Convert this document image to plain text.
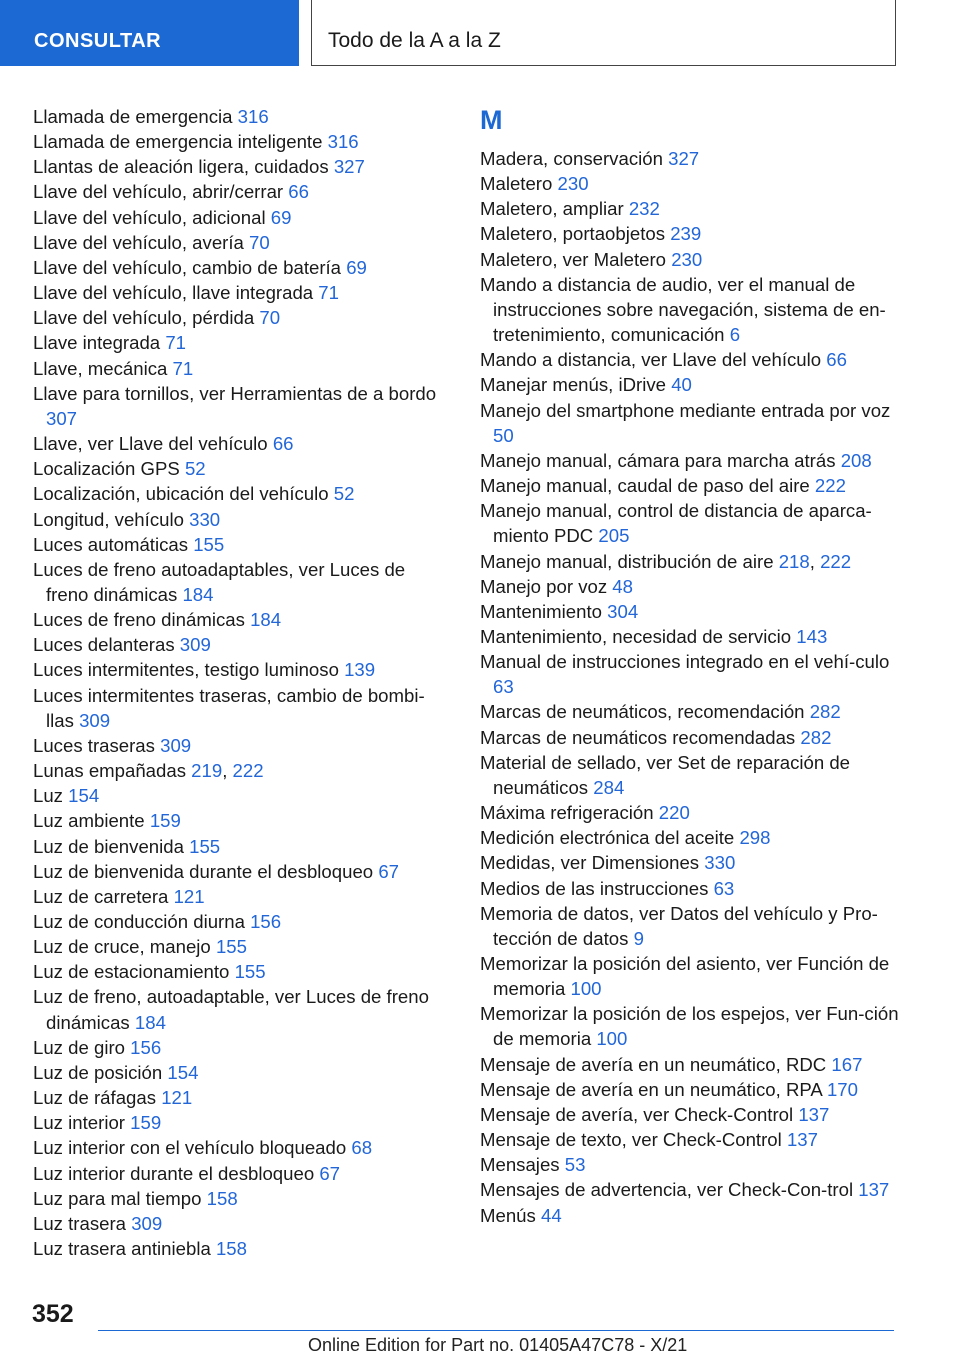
CONSULTAR	Todo de la A a la Z
Llamada de emergencia 316
Llamada de emergencia inteligente 316
Llantas de aleación ligera, cuidados 327
Llave del vehículo, abrir/cerrar 66
Llave del vehículo, adicional 69
Llave del vehículo, avería 70
Llave del vehículo, cambio de batería 69
Llave del vehículo, llave integrada 71
Llave del vehículo, pérdida 70
Llave integrada 71
Llave, mecánica 71
Llave para tornillos, ver Herramientas de a bordo 307
Llave, ver Llave del vehículo 66
Localización GPS 52
Localización, ubicación del vehículo 52
Longitud, vehículo 330
Luces automáticas 155
Luces de freno autoadaptables, ver Luces de freno dinámicas 184
Luces de freno dinámicas 184
Luces delanteras 309
Luces intermitentes, testigo luminoso 139
Luces intermitentes traseras, cambio de bombi-llas 309
Luces traseras 309
Lunas empañadas 219, 222
Luz 154
Luz ambiente 159
Luz de bienvenida 155
Luz de bienvenida durante el desbloqueo 67
Luz de carretera 121
Luz de conducción diurna 156
Luz de cruce, manejo 155
Luz de estacionamiento 155
Luz de freno, autoadaptable, ver Luces de freno dinámicas 184
Luz de giro 156
Luz de posición 154
Luz de ráfagas 121
Luz interior 159
Luz interior con el vehículo bloqueado 68
Luz interior durante el desbloqueo 67
Luz para mal tiempo 158
Luz trasera 309
Luz trasera antiniebla 158
M
Madera, conservación 327
Maletero 230
Maletero, ampliar 232
Maletero, portaobjetos 239
Maletero, ver Maletero 230
Mando a distancia de audio, ver el manual de instrucciones sobre navegación, sistema de en-tretenimiento, comunicación 6
Mando a distancia, ver Llave del vehículo 66
Manejar menús, iDrive 40
Manejo del smartphone mediante entrada por voz 50
Manejo manual, cámara para marcha atrás 208
Manejo manual, caudal de paso del aire 222
Manejo manual, control de distancia de aparca-miento PDC 205
Manejo manual, distribución de aire 218, 222
Manejo por voz 48
Mantenimiento 304
Mantenimiento, necesidad de servicio 143
Manual de instrucciones integrado en el vehí-culo 63
Marcas de neumáticos, recomendación 282
Marcas de neumáticos recomendadas 282
Material de sellado, ver Set de reparación de neumáticos 284
Máxima refrigeración 220
Medición electrónica del aceite 298
Medidas, ver Dimensiones 330
Medios de las instrucciones 63
Memoria de datos, ver Datos del vehículo y Pro-tección de datos 9
Memorizar la posición del asiento, ver Función de memoria 100
Memorizar la posición de los espejos, ver Fun-ción de memoria 100
Mensaje de avería en un neumático, RDC 167
Mensaje de avería en un neumático, RPA 170
Mensaje de avería, ver Check-Control 137
Mensaje de texto, ver Check-Control 137
Mensajes 53
Mensajes de advertencia, ver Check-Con-trol 137
Menús 44
352
Online Edition for Part no. 01405A47C78 - X/21
